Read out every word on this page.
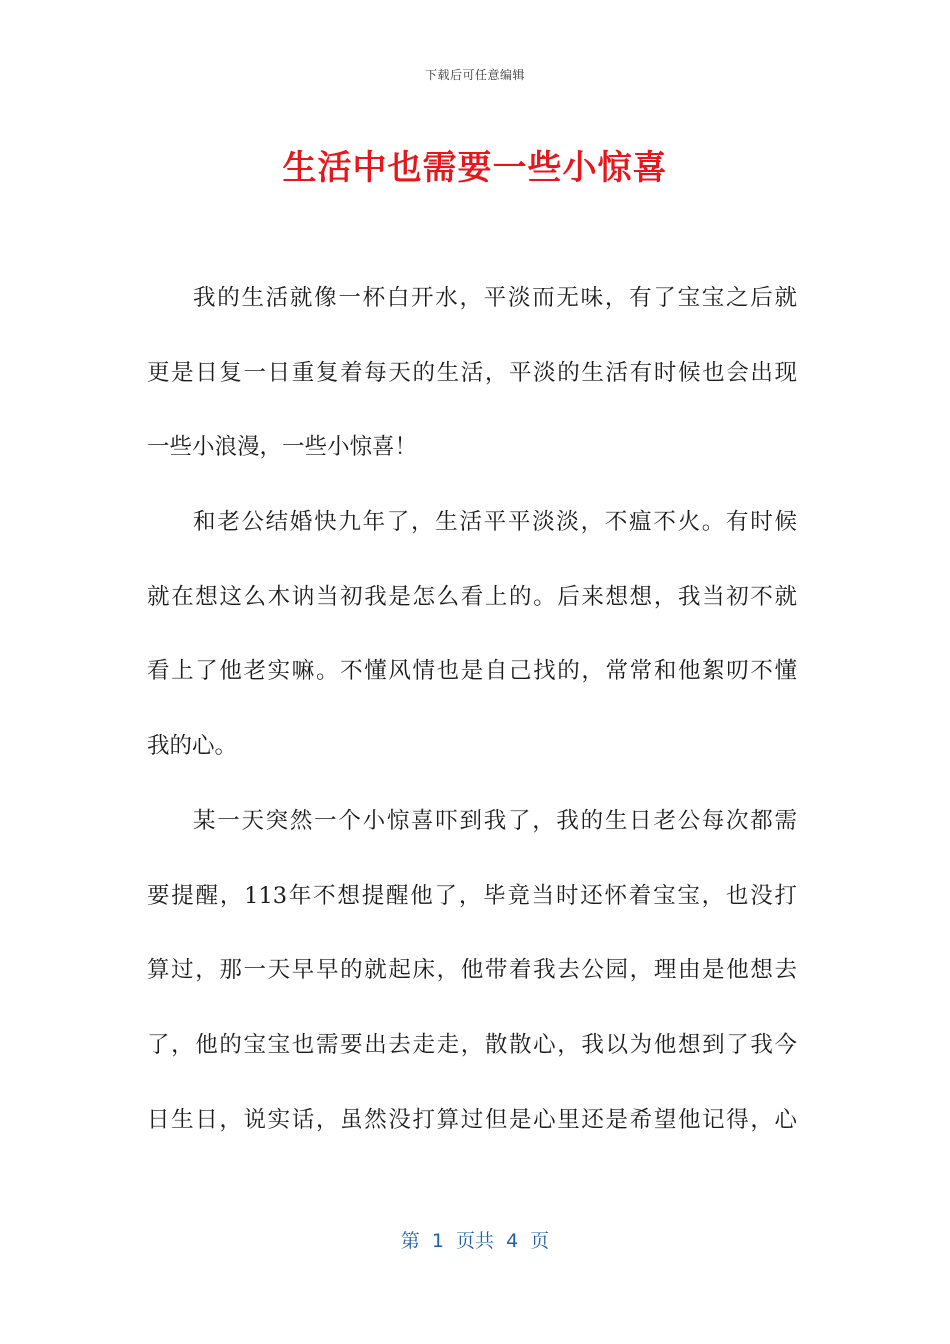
下载后可任意编辑
生活中也需要一些小惊喜
我的生活就像一杯白开水，平淡而无味，有了宝宝之后就
更是日复一日重复着每天的生活，平淡的生活有时候也会出现
一些小浪漫，一些小惊喜！
和老公结婚快九年了，生活平平淡淡，不瘟不火。有时候
就在想这么木讷当初我是怎么看上的。后来想想，我当初不就
看上了他老实嘛。不懂风情也是自己找的，常常和他絮叨不懂
我的心。
某一天突然一个小惊喜吓到我了，我的生日老公每次都需
要提醒，113年不想提醒他了，毕竟当时还怀着宝宝，也没打
算过，那一天早早的就起床，他带着我去公园，理由是他想去
了，他的宝宝也需要出去走走，散散心，我以为他想到了我今
日生日，说实话，虽然没打算过但是心里还是希望他记得，心
第  1  页共  4  页
